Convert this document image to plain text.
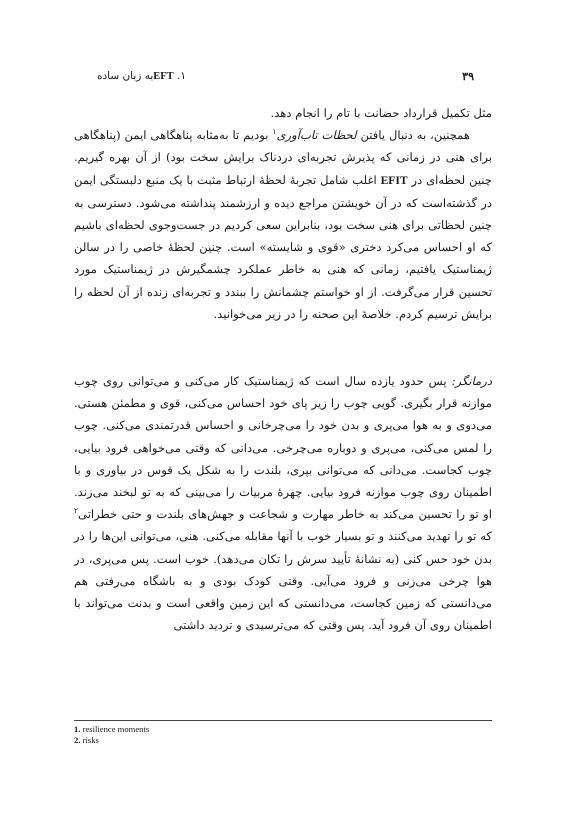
۳۹
۱. EFTبه زبان ساده

مثل تکمیل قرارداد حضانت با تام را انجام دهد.

همچنین، به دنبال یافتن لحظات تاب‌آوری$^۱$ بودیم تا به‌مثابه پناهگاهی ایمن (پناهگاهی برای هنی در زمانی که پذیرش تجربه‌ای دردناک برایش سخت بود) از آن بهره گیریم. چنین لحظه‌ای در EFIT اغلب شامل تجربهٔ لحظهٔ ارتباط مثبت با یک منبع دلبستگی ایمن در گذشته‌است که در آن خویشتن مراجع دیده و ارزشمند پنداشته می‌شود. دسترسی به چنین لحظاتی برای هنی سخت بود، بنابراین سعی کردیم در جست‌وجوی لحظه‌ای باشیم که او احساس می‌کرد دختری «قوی و شایسته» است. چنین لحظهٔ خاصی را در سالن ژیمناستیک یافتیم، زمانی که هنی به خاطر عملکرد چشمگیرش در ژیمناستیک مورد تحسین قرار می‌گرفت. از او خواستم چشمانش را ببندد و تجربه‌ای زنده از آن لحظه را برایش ترسیم کردم. خلاصهٔ این صحنه را در زیر می‌خوانید.

درمانگر: پس حدود یازده سال است که ژیمناستیک کار می‌کنی و می‌توانی روی چوب موازنه قرار بگیری. گویی چوب را زیر پای خود احساس می‌کنی، قوی و مطمئن هستی. می‌دوی و به هوا می‌پری و بدن خود را می‌چرخانی و احساس قدرتمندی می‌کنی. چوب را لمس می‌کنی، می‌پری و دوباره می‌چرخی. می‌دانی که وقتی می‌خواهی فرود بیایی، چوب کجاست. می‌دانی که می‌توانی بپری، بلندت را به شکل یک قوس در بیاوری و با اطمینان روی چوب موازنه فرود بیایی. چهرهٔ مربیات را می‌بینی که به تو لبخند می‌زند. او تو را تحسین می‌کند به خاطر مهارت و شجاعت و جهش‌های بلندت و حتی خطراتی$^۲$ که تو را تهدید می‌کنند و تو بسیار خوب با آنها مقابله می‌کنی. هنی، می‌توانی این‌ها را در بدن خود حس کنی (به نشانهٔ تأیید سرش را تکان می‌دهد). خوب است. پس می‌پری، در هوا چرخی می‌زنی و فرود می‌آیی. وقتی کودک بودی و به باشگاه می‌رفتی هم می‌دانستی که زمین کجاست، می‌دانستی که این زمین واقعی است و بدنت می‌تواند با اطمینان روی آن فرود آید. پس وقتی که می‌ترسیدی و تردید داشتی

1. resilience moments
2. risks
